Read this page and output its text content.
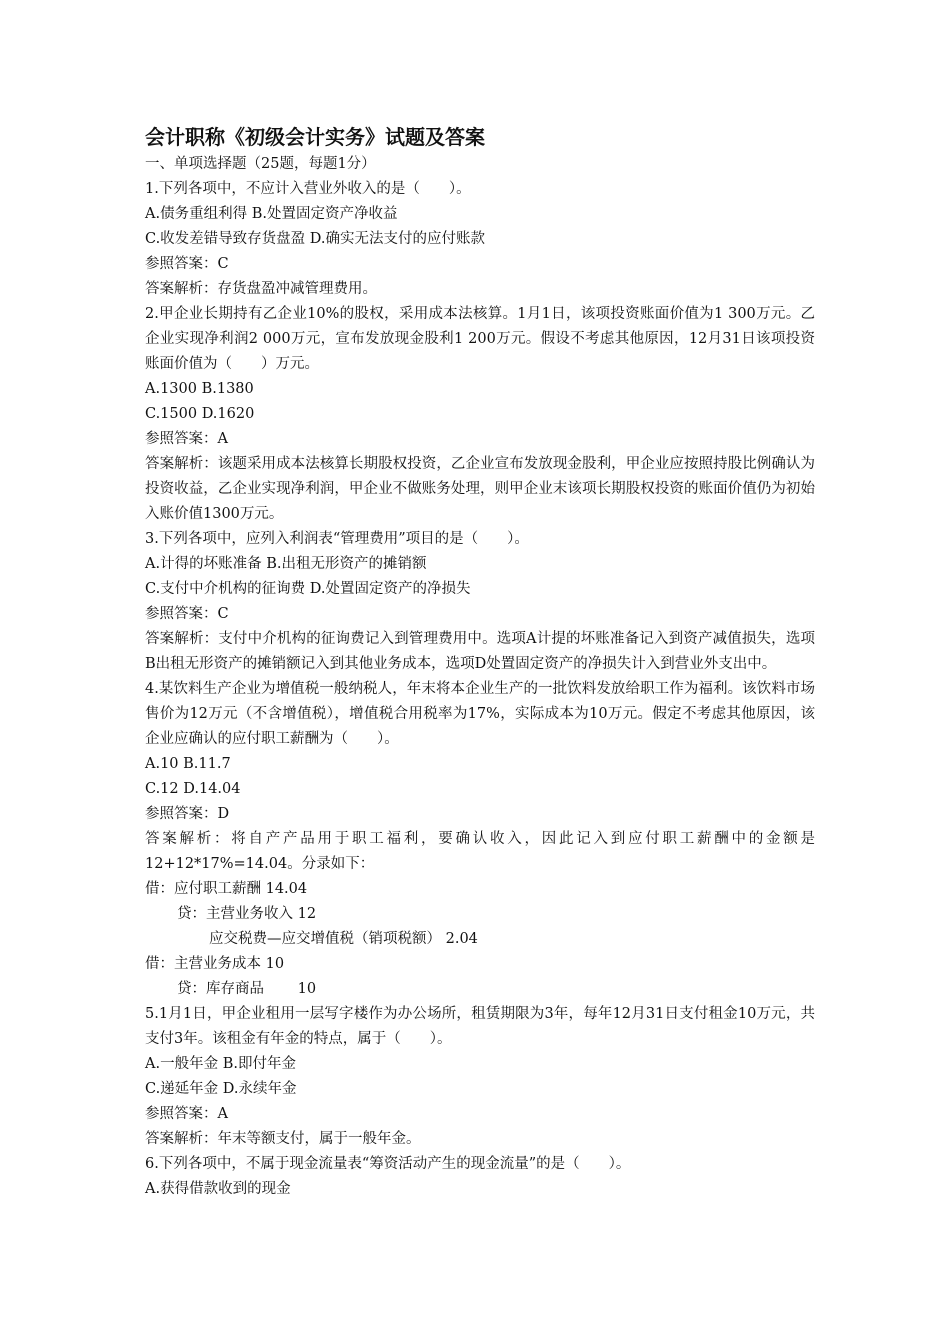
会计职称《初级会计实务》试题及答案

一、单项选择题（25题，每题1分）

1.下列各项中，不应计入营业外收入的是（　　）。

A.债务重组利得 B.处置固定资产净收益

C.收发差错导致存货盘盈 D.确实无法支付的应付账款

参照答案：C

答案解析：存货盘盈冲减管理费用。

2.甲企业长期持有乙企业10%的股权，采用成本法核算。1月1日，该项投资账面价值为1 300万元。乙企业实现净利润2 000万元，宣布发放现金股利1 200万元。假设不考虑其他原因，12月31日该项投资账面价值为（　　）万元。

A.1300 B.1380

C.1500 D.1620

参照答案：A

答案解析：该题采用成本法核算长期股权投资，乙企业宣布发放现金股利，甲企业应按照持股比例确认为投资收益，乙企业实现净利润，甲企业不做账务处理，则甲企业末该项长期股权投资的账面价值仍为初始入账价值1300万元。

3.下列各项中，应列入利润表“管理费用”项目的是（　　）。

A.计得的坏账准备 B.出租无形资产的摊销额

C.支付中介机构的征询费 D.处置固定资产的净损失

参照答案：C

答案解析：支付中介机构的征询费记入到管理费用中。选项A计提的坏账准备记入到资产减值损失，选项B出租无形资产的摊销额记入到其他业务成本，选项D处置固定资产的净损失计入到营业外支出中。

4.某饮料生产企业为增值税一般纳税人，年末将本企业生产的一批饮料发放给职工作为福利。该饮料市场售价为12万元（不含增值税），增值税合用税率为17%，实际成本为10万元。假定不考虑其他原因，该企业应确认的应付职工薪酬为（　　）。

A.10 B.11.7

C.12 D.14.04

参照答案：D

答案解析：将自产产品用于职工福利，要确认收入，因此记入到应付职工薪酬中的金额是12+12*17%=14.04。分录如下：

借：应付职工薪酬 14.04

贷：主营业务收入 12

应交税费—应交增值税（销项税额） 2.04

借：主营业务成本 10

贷：库存商品　　 10

5.1月1日，甲企业租用一层写字楼作为办公场所，租赁期限为3年，每年12月31日支付租金10万元，共支付3年。该租金有年金的特点，属于（　　）。

A.一般年金 B.即付年金

C.递延年金 D.永续年金

参照答案：A

答案解析：年末等额支付，属于一般年金。

6.下列各项中，不属于现金流量表“筹资活动产生的现金流量”的是（　　）。

A.获得借款收到的现金
